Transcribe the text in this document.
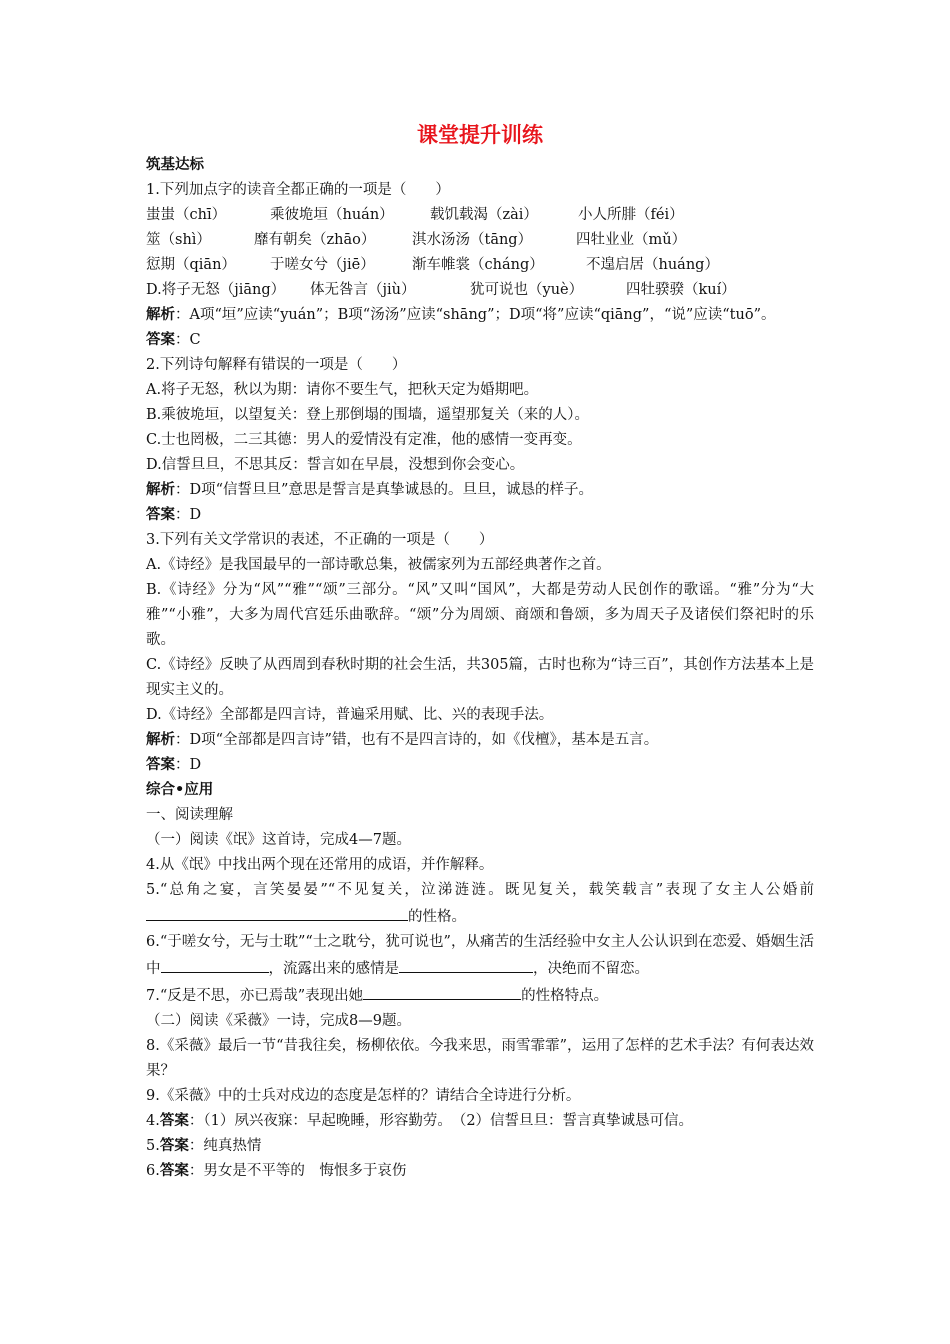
课堂提升训练
筑基达标
1.下列加点字的读音全都正确的一项是（　　）
蚩蚩（chī）	乘彼垝垣（huán）	载饥载渴（zài）	小人所腓（féi）
筮（shì）	靡有朝矣（zhāo）	淇水汤汤（tāng）	四牡业业（mǔ）
愆期（qiān）	于嗟女兮（jiē）	渐车帷裳（cháng）	不遑启居（huáng）
D.将子无怒（jiāng）	体无咎言（jiù）	犹可说也（yuè）	四牡骙骙（kuí）
解析：A项“垣”应读“yuán”；B项“汤汤”应读“shāng”；D项“将”应读“qiāng”，“说”应读“tuō”。
答案：C
2.下列诗句解释有错误的一项是（　　）
A.将子无怒，秋以为期：请你不要生气，把秋天定为婚期吧。
B.乘彼垝垣，以望复关：登上那倒塌的围墙，遥望那复关（来的人）。
C.士也罔极，二三其德：男人的爱情没有定准，他的感情一变再变。
D.信誓旦旦，不思其反：誓言如在早晨，没想到你会变心。
解析：D项“信誓旦旦”意思是誓言是真挚诚恳的。旦旦，诚恳的样子。
答案：D
3.下列有关文学常识的表述，不正确的一项是（　　）
A.《诗经》是我国最早的一部诗歌总集，被儒家列为五部经典著作之首。
B.《诗经》分为“风”“雅”“颂”三部分。“风”又叫“国风”，大都是劳动人民创作的歌谣。“雅”分为“大雅”“小雅”，大多为周代宫廷乐曲歌辞。“颂”分为周颂、商颂和鲁颂，多为周天子及诸侯们祭祀时的乐歌。
C.《诗经》反映了从西周到春秋时期的社会生活，共305篇，古时也称为“诗三百”，其创作方法基本上是现实主义的。
D.《诗经》全部都是四言诗，普遍采用赋、比、兴的表现手法。
解析：D项“全部都是四言诗”错，也有不是四言诗的，如《伐檀》，基本是五言。
答案：D
综合•应用
一、阅读理解
（一）阅读《氓》这首诗，完成4—7题。
4.从《氓》中找出两个现在还常用的成语，并作解释。
5.“总角之宴，言笑晏晏”“不见复关，泣涕涟涟。既见复关，载笑载言”表现了女主人公婚前的性格。
6.“于嗟女兮，无与士耽”“士之耽兮，犹可说也”，从痛苦的生活经验中女主人公认识到在恋爱、婚姻生活中	，流露出来的感情是	，决绝而不留恋。
7.“反是不思，亦已焉哉”表现出她	的性格特点。
（二）阅读《采薇》一诗，完成8—9题。
8.《采薇》最后一节“昔我往矣，杨柳依依。今我来思，雨雪霏霏”，运用了怎样的艺术手法？有何表达效果？
9.《采薇》中的士兵对戍边的态度是怎样的？请结合全诗进行分析。
4.答案：（1）夙兴夜寐：早起晚睡，形容勤劳。　（2）信誓旦旦：誓言真挚诚恳可信。
5.答案：纯真热情
6.答案：男女是不平等的　悔恨多于哀伤
